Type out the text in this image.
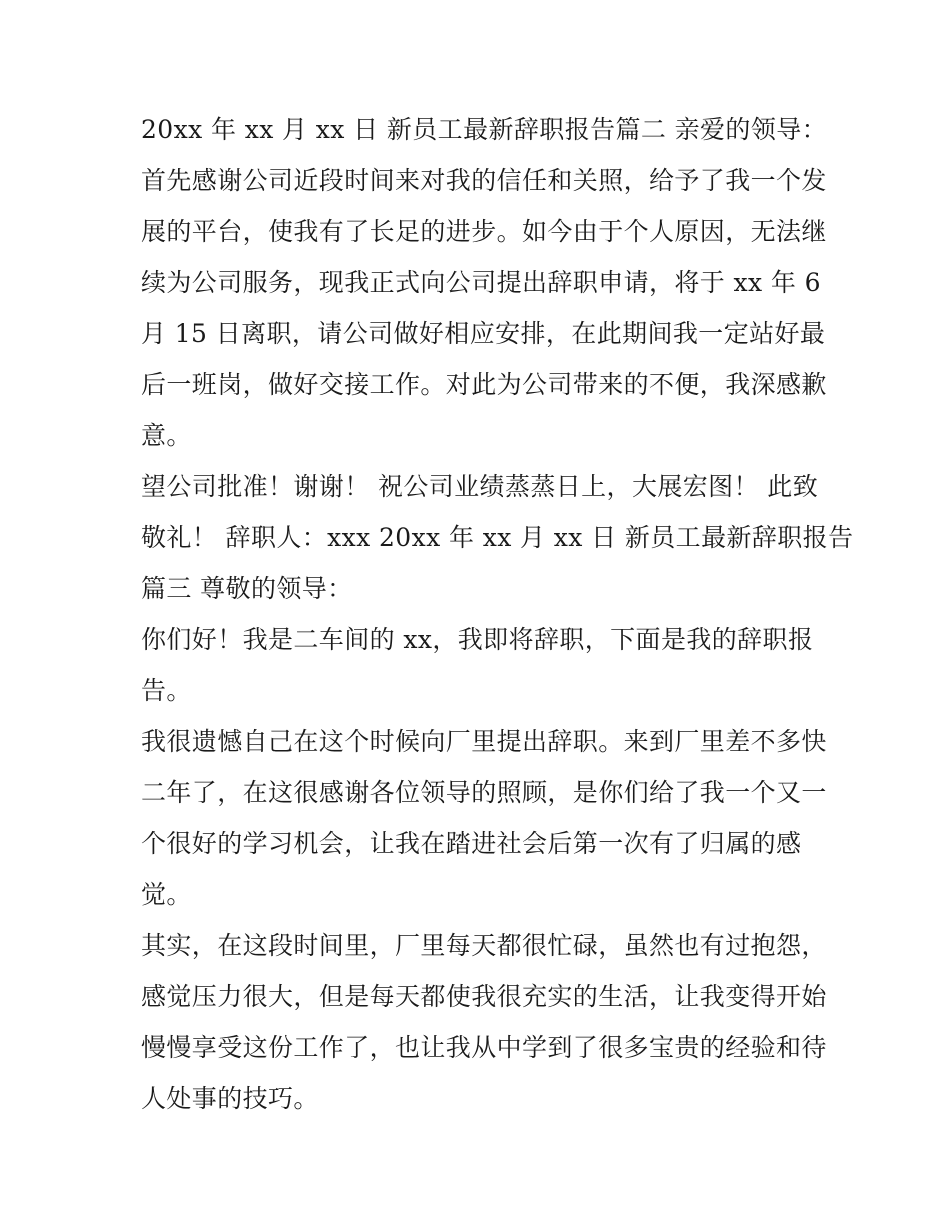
20xx 年 xx 月 xx 日 新员工最新辞职报告篇二 亲爱的领导：
首先感谢公司近段时间来对我的信任和关照，给予了我一个发
展的平台，使我有了长足的进步。如今由于个人原因，无法继
续为公司服务，现我正式向公司提出辞职申请，将于 xx 年 6
月 15 日离职，请公司做好相应安排，在此期间我一定站好最
后一班岗，做好交接工作。对此为公司带来的不便，我深感歉
意。
望公司批准！谢谢！ 祝公司业绩蒸蒸日上，大展宏图！ 此致
敬礼！ 辞职人：xxx 20xx 年 xx 月 xx 日 新员工最新辞职报告
篇三 尊敬的领导：
你们好！我是二车间的 xx，我即将辞职，下面是我的辞职报
告。
我很遗憾自己在这个时候向厂里提出辞职。来到厂里差不多快
二年了，在这很感谢各位领导的照顾，是你们给了我一个又一
个很好的学习机会，让我在踏进社会后第一次有了归属的感
觉。
其实，在这段时间里，厂里每天都很忙碌，虽然也有过抱怨，
感觉压力很大，但是每天都使我很充实的生活，让我变得开始
慢慢享受这份工作了，也让我从中学到了很多宝贵的经验和待
人处事的技巧。
